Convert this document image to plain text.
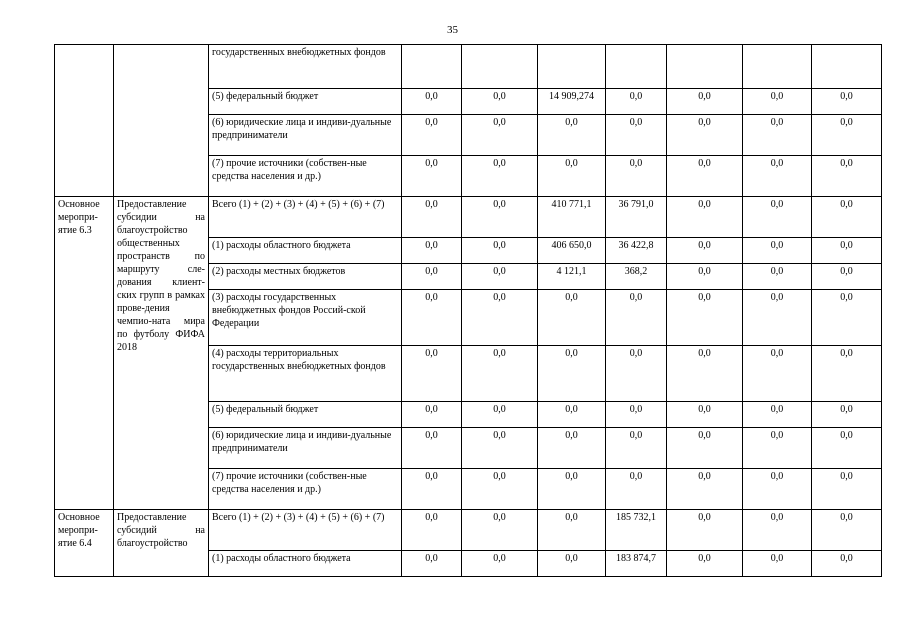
35
		государственных внебюджетных фондов							
		(5) федеральный бюджет	0,0	0,0	14 909,274	0,0	0,0	0,0	0,0
		(6) юридические лица и индиви-дуальные предприниматели	0,0	0,0	0,0	0,0	0,0	0,0	0,0
		(7) прочие источники (собствен-ные средства населения и др.)	0,0	0,0	0,0	0,0	0,0	0,0	0,0
Основное меропри-ятие 6.3	Предоставление субсидии на благоустройство общественных пространств по маршруту сле-дования клиент-ских групп в рамках прове-дения чемпио-ната мира по футболу ФИФА 2018	Всего (1) + (2) + (3) + (4) + (5) + (6) + (7)	0,0	0,0	410 771,1	36 791,0	0,0	0,0	0,0
		(1) расходы областного бюджета	0,0	0,0	406 650,0	36 422,8	0,0	0,0	0,0
		(2) расходы местных бюджетов	0,0	0,0	4 121,1	368,2	0,0	0,0	0,0
		(3) расходы государственных внебюджетных фондов Россий-ской Федерации	0,0	0,0	0,0	0,0	0,0	0,0	0,0
		(4) расходы территориальных государственных внебюджетных фондов	0,0	0,0	0,0	0,0	0,0	0,0	0,0
		(5) федеральный бюджет	0,0	0,0	0,0	0,0	0,0	0,0	0,0
		(6) юридические лица и индиви-дуальные предприниматели	0,0	0,0	0,0	0,0	0,0	0,0	0,0
		(7) прочие источники (собствен-ные средства населения и др.)	0,0	0,0	0,0	0,0	0,0	0,0	0,0
Основное меропри-ятие 6.4	Предоставление субсидий на благоустройство	Всего (1) + (2) + (3) + (4) + (5) + (6) + (7)	0,0	0,0	0,0	185 732,1	0,0	0,0	0,0
		(1) расходы областного бюджета	0,0	0,0	0,0	183 874,7	0,0	0,0	0,0
